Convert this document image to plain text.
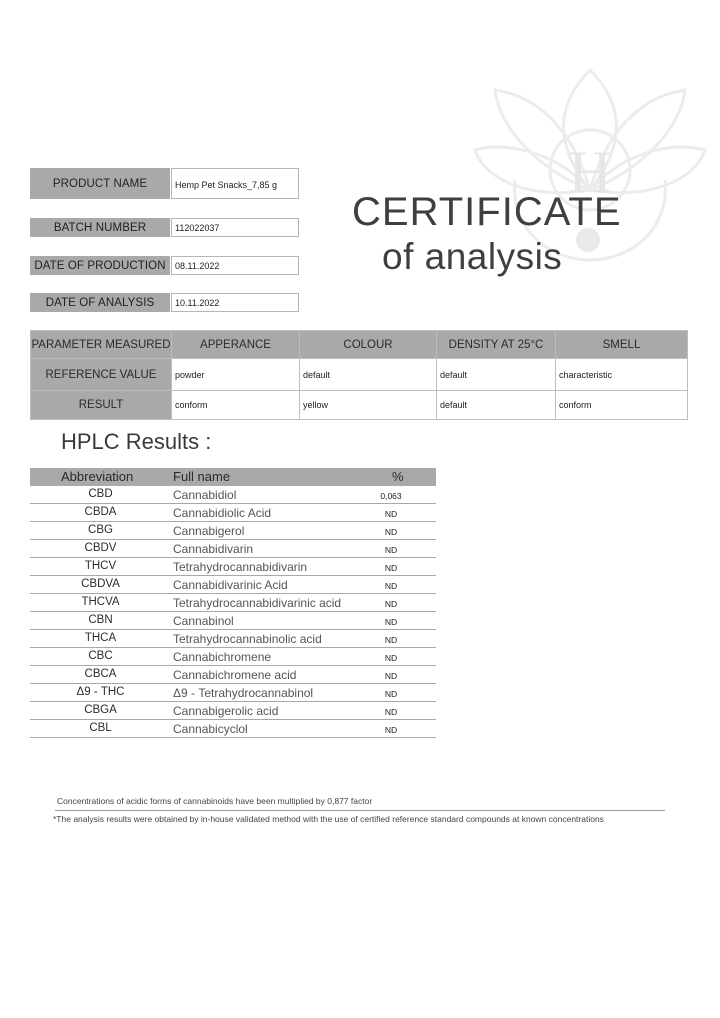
H
PRODUCT NAME	Hemp Pet Snacks_7,85 g
BATCH NUMBER	112022037
DATE OF PRODUCTION	08.11.2022
DATE OF ANALYSIS	10.11.2022
CERTIFICATE
of analysis
PARAMETER MEASURED	APPERANCE	COLOUR	DENSITY AT 25°C	SMELL
REFERENCE VALUE	powder	default	default	characteristic
RESULT	conform	yellow	default	conform
HPLC Results :
Abbreviation	Full name	%
CBD	Cannabidiol	0,063
CBDA	Cannabidiolic Acid	ND
CBG	Cannabigerol	ND
CBDV	Cannabidivarin	ND
THCV	Tetrahydrocannabidivarin	ND
CBDVA	Cannabidivarinic Acid	ND
THCVA	Tetrahydrocannabidivarinic acid	ND
CBN	Cannabinol	ND
THCA	Tetrahydrocannabinolic acid	ND
CBC	Cannabichromene	ND
CBCA	Cannabichromene acid	ND
Δ9 - THC	Δ9 - Tetrahydrocannabinol	ND
CBGA	Cannabigerolic acid	ND
CBL	Cannabicyclol	ND
Concentrations of acidic forms of cannabinoids have been multiplied by 0,877 factor
*The analysis results were obtained by in-house validated method with the use of certified reference standard compounds at known concentrations
